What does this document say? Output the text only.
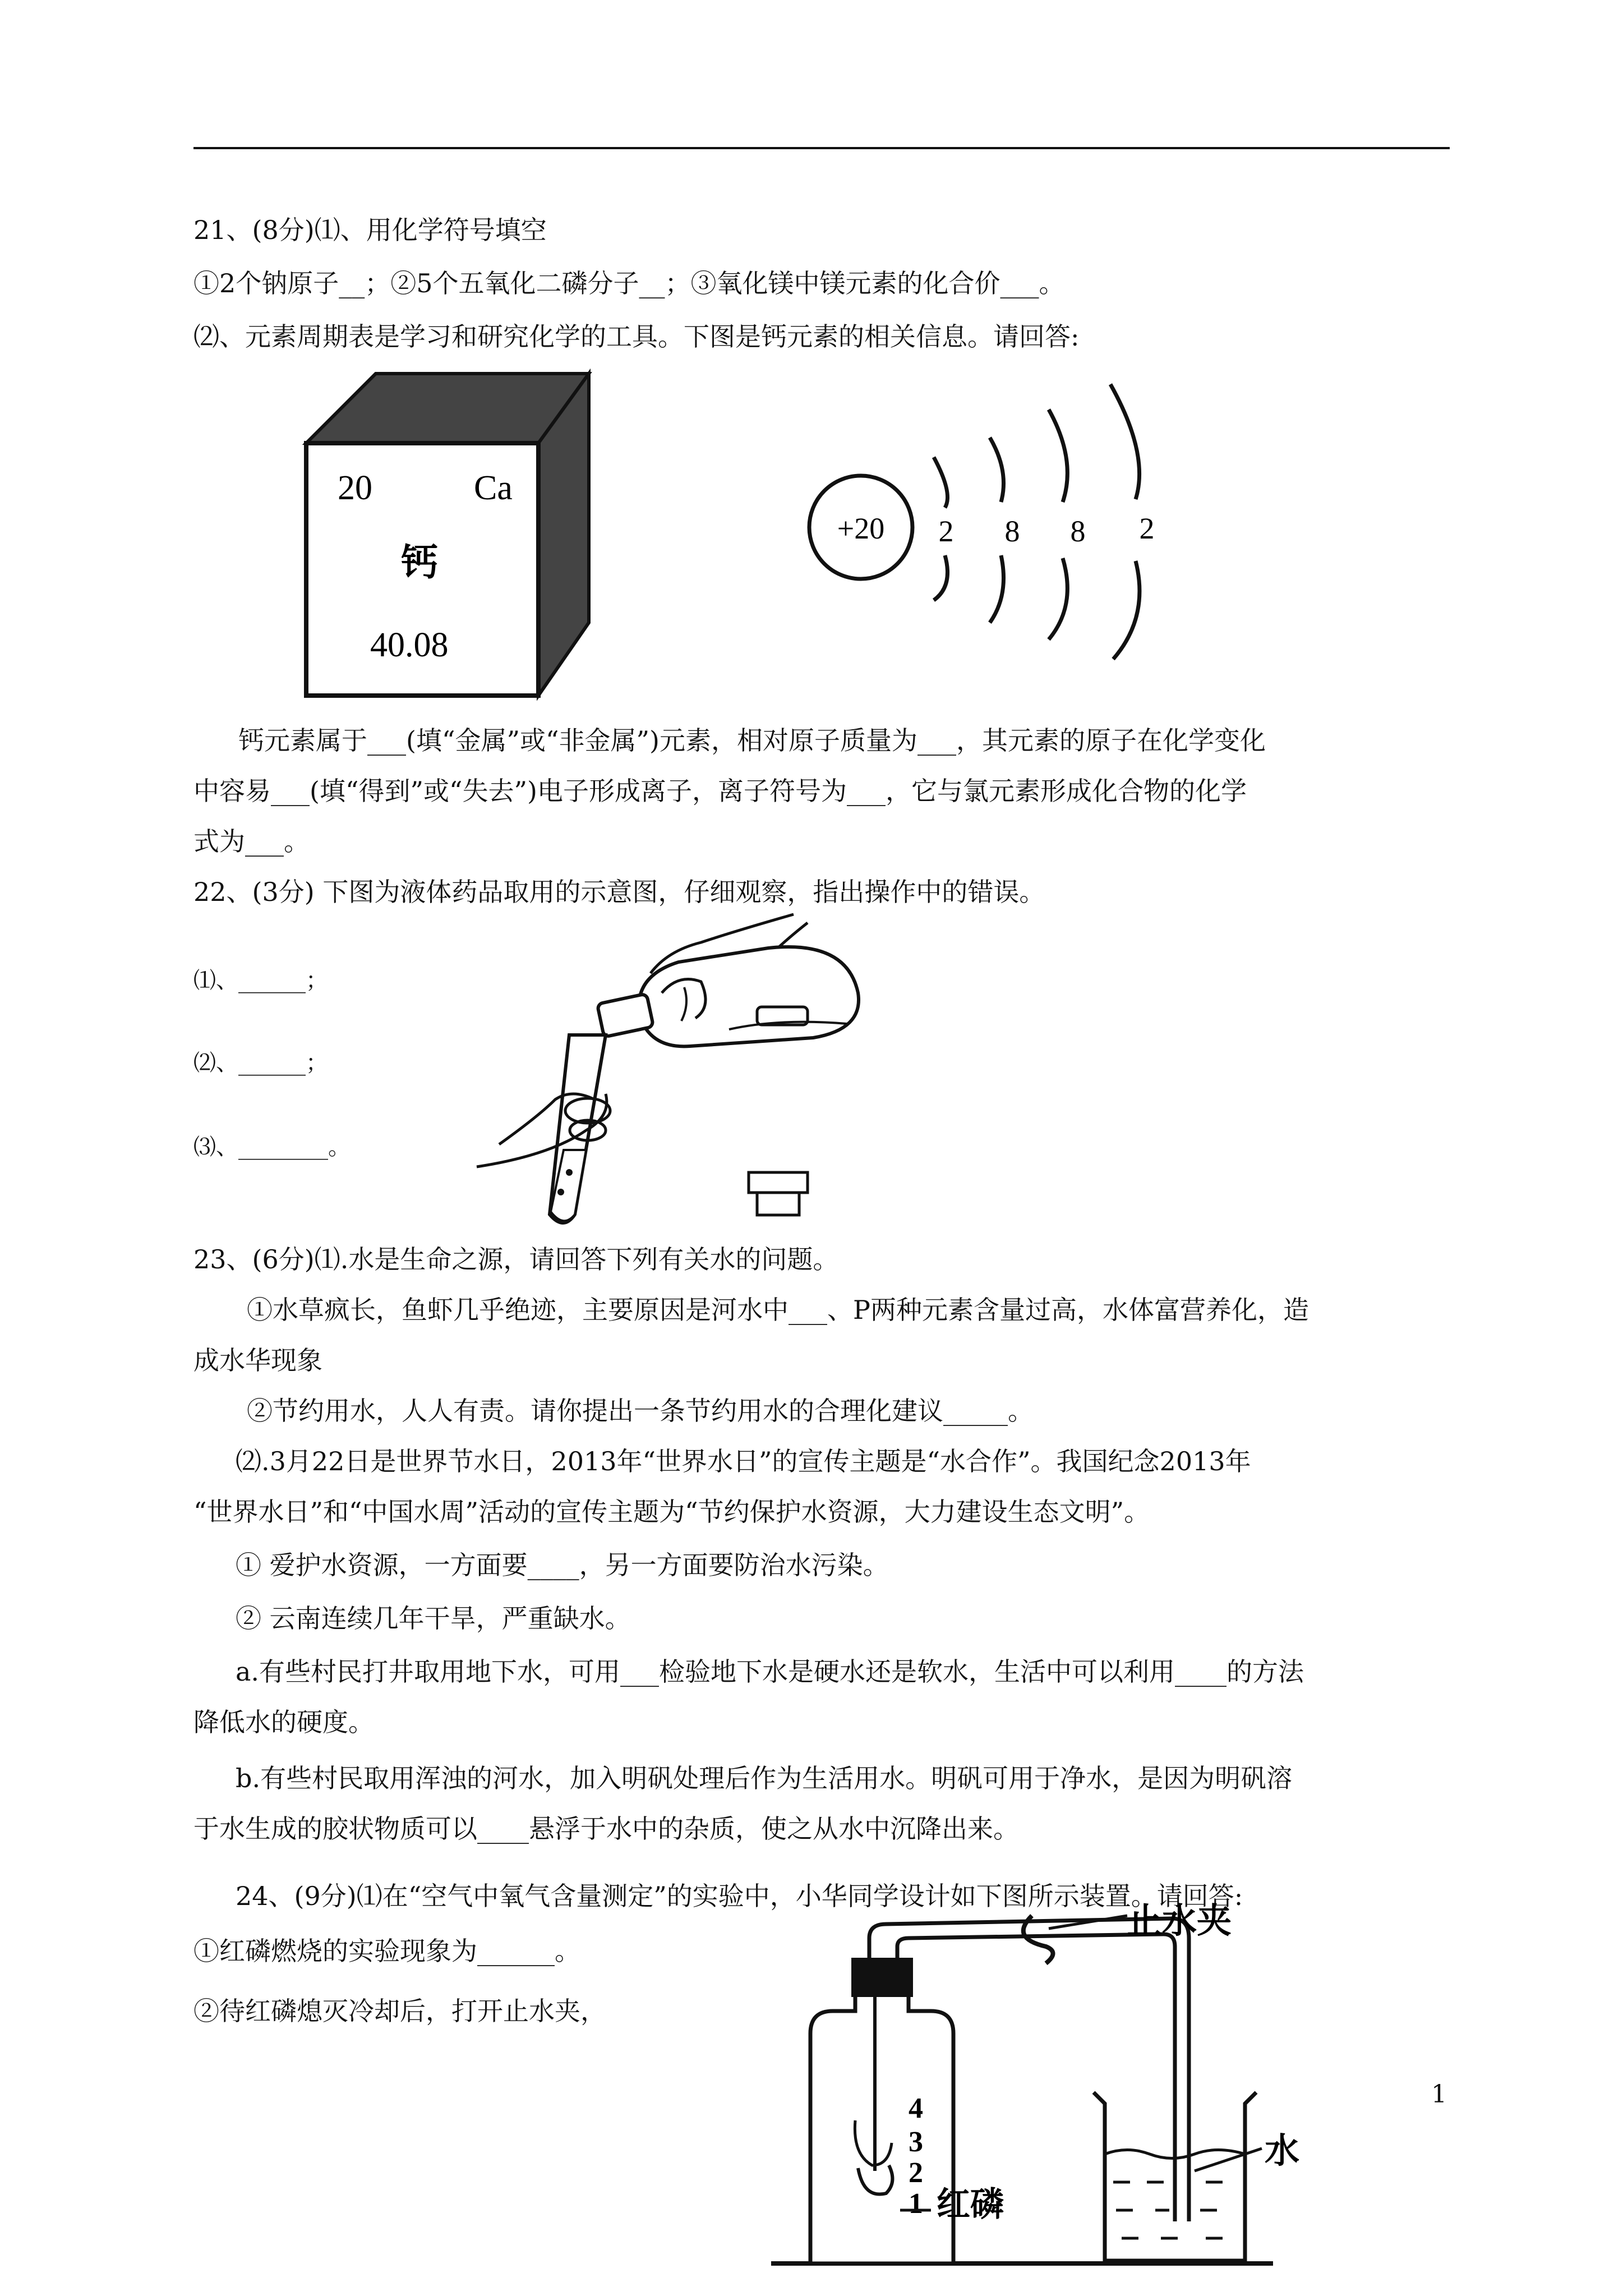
21、(8分)⑴、用化学符号填空
①2个钠原子__；②5个五氧化二磷分子__；③氧化镁中镁元素的化合价___。
⑵、元素周期表是学习和研究化学的工具。下图是钙元素的相关信息。请回答:
20	Ca
钙
40.08
+20 2 8 8 2
钙元素属于___(填“金属”或“非金属”)元素，相对原子质量为___，其元素的原子在化学变化
中容易___(填“得到”或“失去”)电子形成离子，离子符号为___，它与氯元素形成化合物的化学
式为___。
22、(3分) 下图为液体药品取用的示意图，仔细观察，指出操作中的错误。
⑴、______；
⑵、______；
⑶、________。
23、(6分)⑴.水是生命之源，请回答下列有关水的问题。
①水草疯长，鱼虾几乎绝迹，主要原因是河水中___、P两种元素含量过高，水体富营养化，造
成水华现象
②节约用水，人人有责。请你提出一条节约用水的合理化建议_____。
⑵.3月22日是世界节水日，2013年“世界水日”的宣传主题是“水合作”。我国纪念2013年
“世界水日”和“中国水周”活动的宣传主题为“节约保护水资源，大力建设生态文明”。
① 爱护水资源，一方面要____，另一方面要防治水污染。
② 云南连续几年干旱，严重缺水。
a.有些村民打井取用地下水，可用___检验地下水是硬水还是软水，生活中可以利用____的方法
降低水的硬度。
b.有些村民取用浑浊的河水，加入明矾处理后作为生活用水。明矾可用于净水，是因为明矾溶
于水生成的胶状物质可以____悬浮于水中的杂质，使之从水中沉降出来。
24、(9分)⑴在“空气中氧气含量测定”的实验中，小华同学设计如下图所示装置。请回答:
①红磷燃烧的实验现象为______。
②待红磷熄灭冷却后，打开止水夹，
止水夹
4
3
2
1 红磷
水
1
